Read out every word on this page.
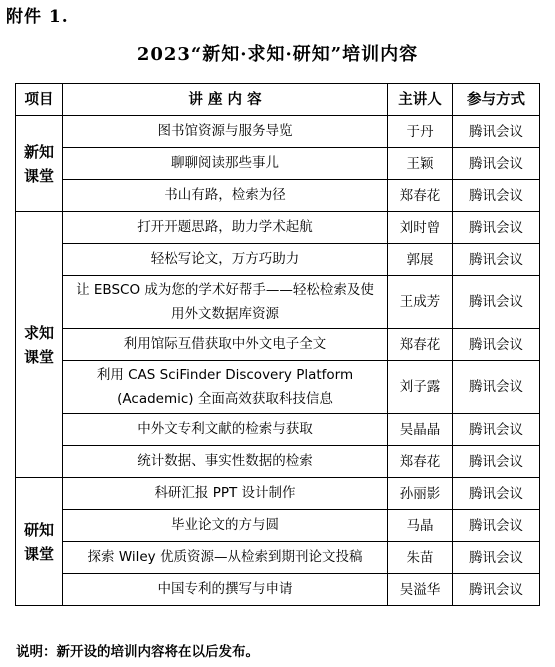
附件 1.
2023“新知·求知·研知”培训内容
项目	讲 座 内 容	主讲人	参与方式
新知课堂	图书馆资源与服务导览	于丹	腾讯会议

	聊聊阅读那些事儿	王颖	腾讯会议

	书山有路，检索为径	郑春花	腾讯会议
求知课堂	打开开题思路，助力学术起航	刘时曾	腾讯会议

	轻松写论文，万方巧助力	郭展	腾讯会议

	让 EBSCO 成为您的学术好帮手——轻松检索及使
用外文数据库资源	王成芳	腾讯会议

	利用馆际互借获取中外文电子全文	郑春花	腾讯会议

	利用 CAS SciFinder Discovery Platform
(Academic) 全面高效获取科技信息	刘子露	腾讯会议

	中外文专利文献的检索与获取	吴晶晶	腾讯会议

	统计数据、事实性数据的检索	郑春花	腾讯会议
研知课堂	科研汇报 PPT 设计制作	孙丽影	腾讯会议

	毕业论文的方与圆	马晶	腾讯会议

	探索 Wiley 优质资源—从检索到期刊论文投稿	朱苗	腾讯会议

	中国专利的撰写与申请	吴溢华	腾讯会议
说明：新开设的培训内容将在以后发布。
